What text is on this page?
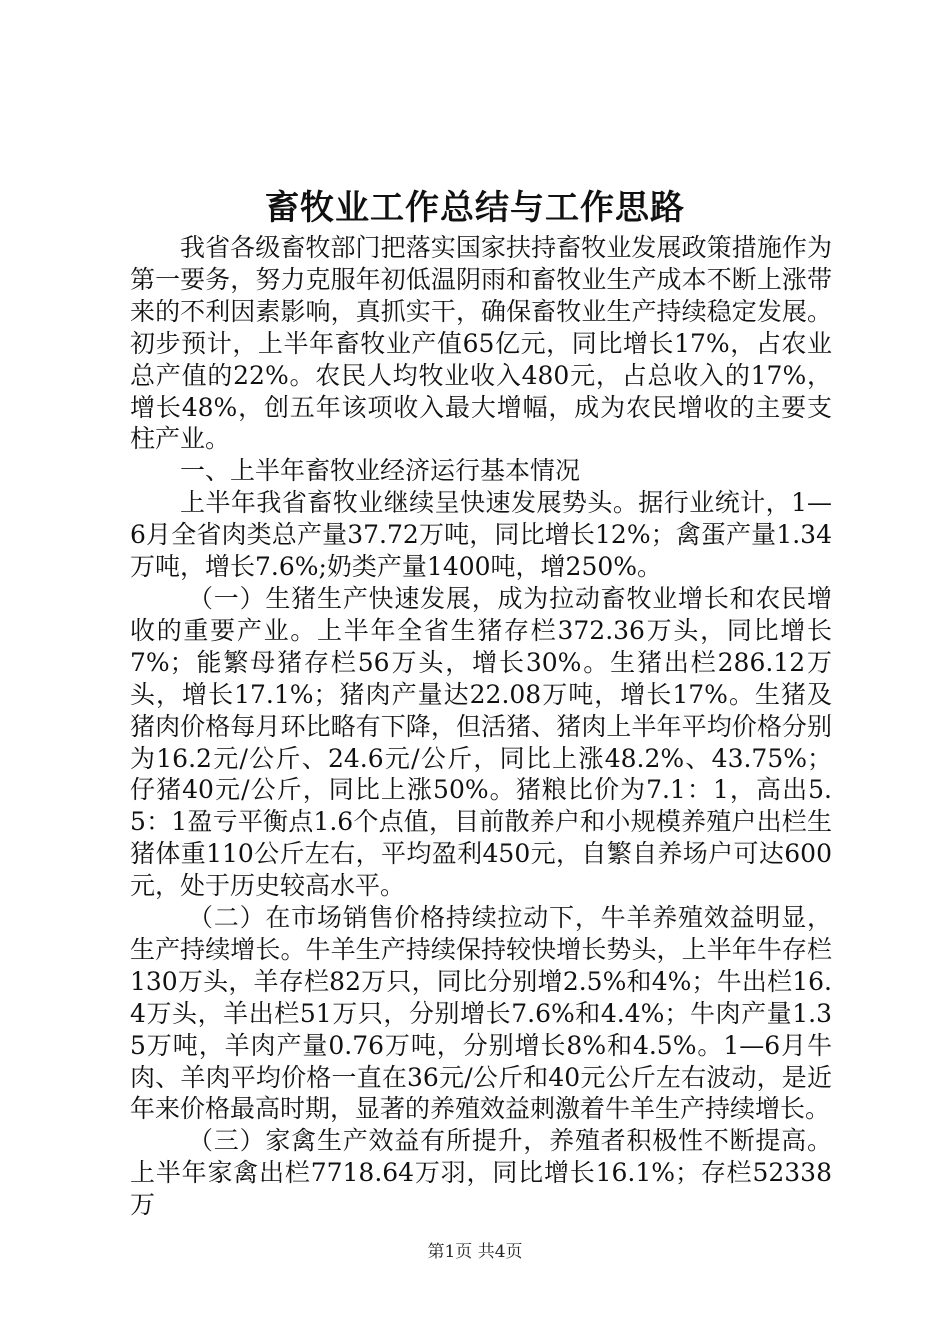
畜牧业工作总结与工作思路

我省各级畜牧部门把落实国家扶持畜牧业发展政策措施作为第一要务，努力克服年初低温阴雨和畜牧业生产成本不断上涨带来的不利因素影响，真抓实干，确保畜牧业生产持续稳定发展。初步预计，上半年畜牧业产值65亿元，同比增长17%，占农业总产值的22%。农民人均牧业收入480元，占总收入的17%，增长48%，创五年该项收入最大增幅，成为农民增收的主要支柱产业。

一、上半年畜牧业经济运行基本情况

上半年我省畜牧业继续呈快速发展势头。据行业统计，1—6月全省肉类总产量37.72万吨，同比增长12%；禽蛋产量1.34万吨，增长7.6%;奶类产量1400吨，增250%。

（一）生猪生产快速发展，成为拉动畜牧业增长和农民增收的重要产业。上半年全省生猪存栏372.36万头，同比增长7%；能繁母猪存栏56万头，增长30%。生猪出栏286.12万头，增长17.1%；猪肉产量达22.08万吨，增长17%。生猪及猪肉价格每月环比略有下降，但活猪、猪肉上半年平均价格分别为16.2元/公斤、24.6元/公斤，同比上涨48.2%、43.75%；仔猪40元/公斤，同比上涨50%。猪粮比价为7.1：1，高出5.5：1盈亏平衡点1.6个点值，目前散养户和小规模养殖户出栏生猪体重110公斤左右，平均盈利450元，自繁自养场户可达600元，处于历史较高水平。

（二）在市场销售价格持续拉动下，牛羊养殖效益明显，生产持续增长。牛羊生产持续保持较快增长势头，上半年牛存栏130万头，羊存栏82万只，同比分别增2.5%和4%；牛出栏16.4万头，羊出栏51万只，分别增长7.6%和4.4%；牛肉产量1.35万吨，羊肉产量0.76万吨，分别增长8%和4.5%。1—6月牛肉、羊肉平均价格一直在36元/公斤和40元公斤左右波动，是近年来价格最高时期，显著的养殖效益刺激着牛羊生产持续增长。

（三）家禽生产效益有所提升，养殖者积极性不断提高。上半年家禽出栏7718.64万羽，同比增长16.1%；存栏52338万

第1页 共4页
